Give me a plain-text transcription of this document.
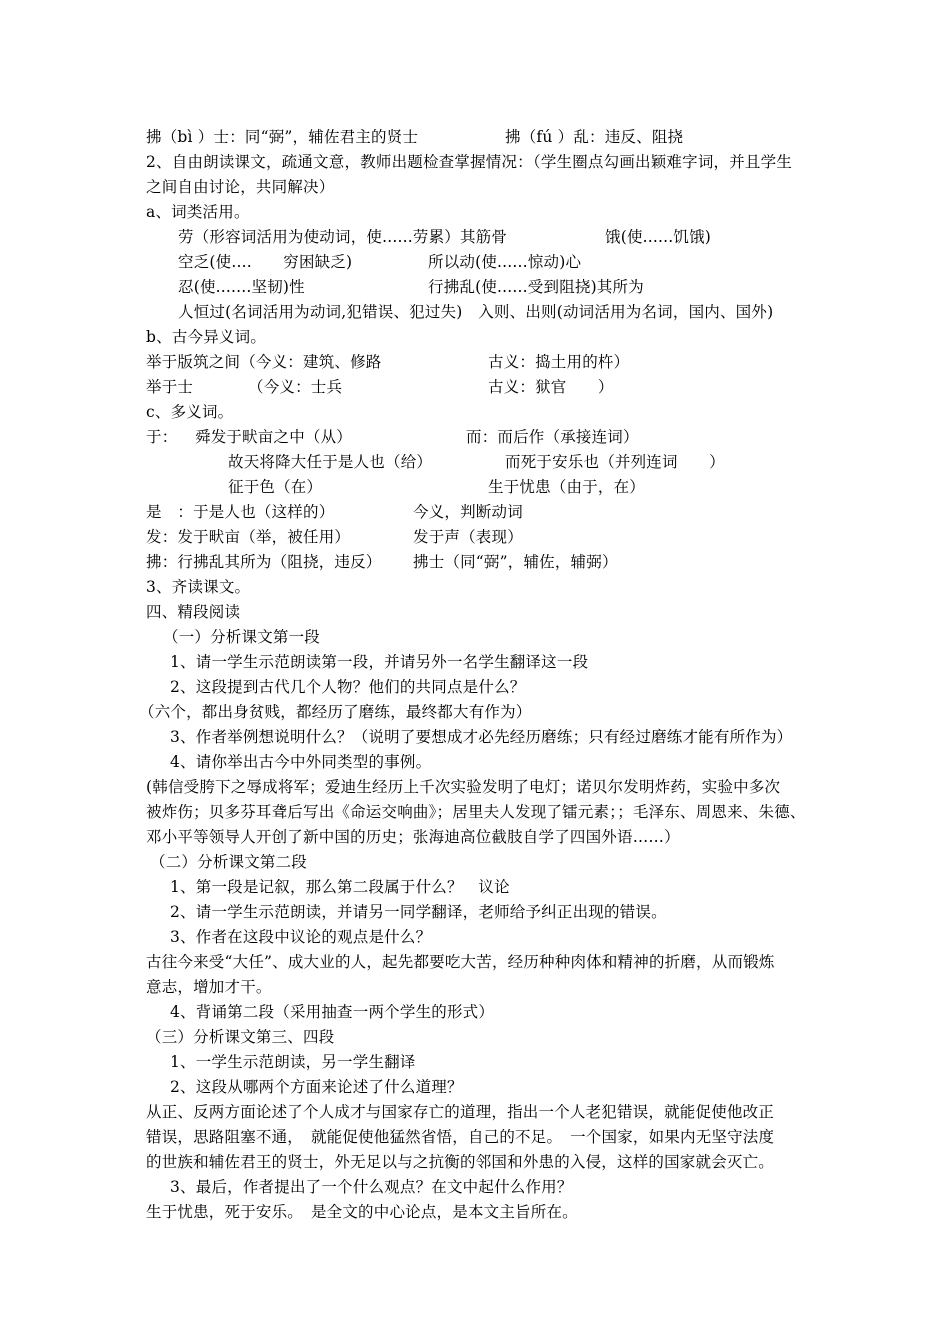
拂（bì ）士：同“弼”，辅佐君主的贤士	拂（fú ）乱：违反、阻挠
2、自由朗读课文，疏通文意，教师出题检查掌握情况：（学生圈点勾画出颖难字词，并且学生
之间自由讨论，共同解决）
a、词类活用。
劳（形容词活用为使动词，使......劳累）其筋骨	饿(使......饥饿)
空乏(使....　　穷困缺乏)	所以动(使......惊动)心
忍(使.......坚韧)性	行拂乱(使......受到阻挠)其所为
人恒过(名词活用为动词,犯错误、犯过失)　入则、出则(动词活用为名词，国内、国外)
b、古今异义词。
举于版筑之间（今义：建筑、修路	古义：捣土用的杵）
举于士	（今义：士兵	古义：狱官　　）
c、多义词。
于： 舜发于畎亩之中（从）	而：而后作（承接连词）
故天将降大任于是人也（给）	而死于安乐也（并列连词　　）
征于色（在）	生于忧患（由于，在）
是　：于是人也（这样的）	今义，判断动词
发：发于畎亩（举，被任用）	发于声（表现）
拂：行拂乱其所为（阻挠，违反） 拂士（同“弼”，辅佐，辅弼）
3、齐读课文。
四、精段阅读
（一）分析课文第一段
1、请一学生示范朗读第一段，并请另外一名学生翻译这一段
2、这段提到古代几个人物？他们的共同点是什么？
（六个，都出身贫贱，都经历了磨练，最终都大有作为）
3、作者举例想说明什么？（说明了要想成才必先经历磨练；只有经过磨练才能有所作为）
4、请你举出古今中外同类型的事例。
(韩信受胯下之辱成将军；爱迪生经历上千次实验发明了电灯；诺贝尔发明炸药，实验中多次
被炸伤；贝多芬耳聋后写出《命运交响曲》；居里夫人发现了镭元素；；毛泽东、周恩来、朱德、
邓小平等领导人开创了新中国的历史；张海迪高位截肢自学了四国外语……）
（二）分析课文第二段
1、第一段是记叙，那么第二段属于什么？　议论
2、请一学生示范朗读，并请另一同学翻译，老师给予纠正出现的错误。
3、作者在这段中议论的观点是什么？
古往今来受“大任”、成大业的人，起先都要吃大苦，经历种种肉体和精神的折磨，从而锻炼
意志，增加才干。
4、背诵第二段（采用抽查一两个学生的形式）
（三）分析课文第三、四段
1、一学生示范朗读，另一学生翻译
2、这段从哪两个方面来论述了什么道理？
从正、反两方面论述了个人成才与国家存亡的道理，指出一个人老犯错误，就能促使他改正
错误，思路阻塞不通，　就能促使他猛然省悟，自己的不足。　一个国家，如果内无坚守法度
的世族和辅佐君王的贤士，外无足以与之抗衡的邻国和外患的入侵，这样的国家就会灭亡。
3、最后，作者提出了一个什么观点？在文中起什么作用？
生于忧患，死于安乐。　是全文的中心论点，是本文主旨所在。
